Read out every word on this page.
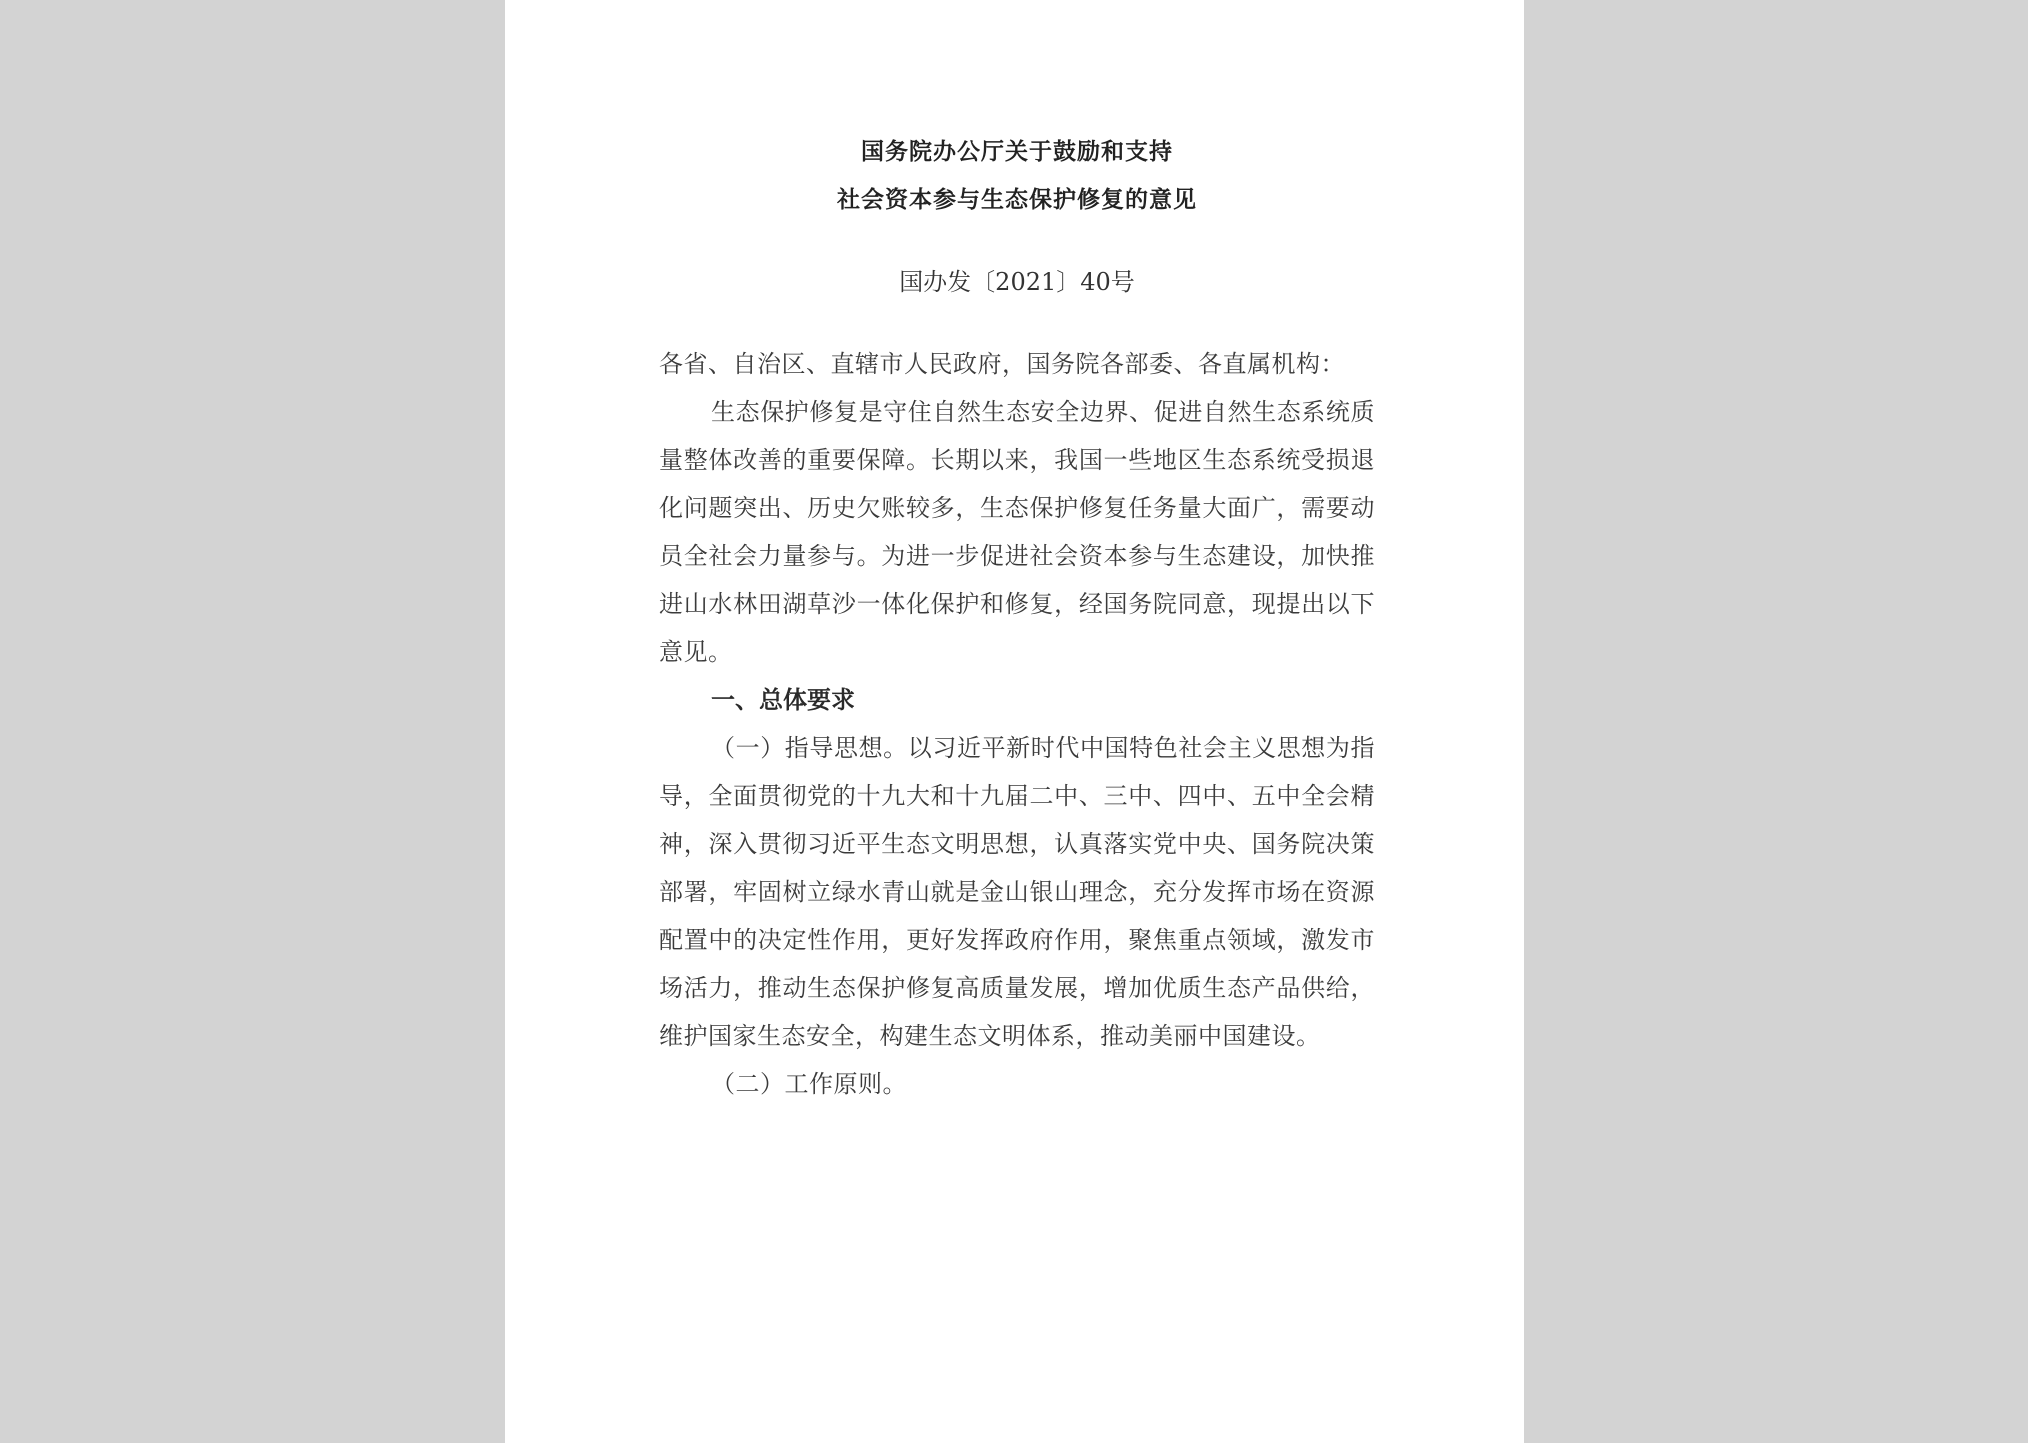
国务院办公厅关于鼓励和支持
社会资本参与生态保护修复的意见
国办发〔2021〕40号

各省、自治区、直辖市人民政府，国务院各部委、各直属机构：

生态保护修复是守住自然生态安全边界、促进自然生态系统质量整体改善的重要保障。长期以来，我国一些地区生态系统受损退化问题突出、历史欠账较多，生态保护修复任务量大面广，需要动员全社会力量参与。为进一步促进社会资本参与生态建设，加快推进山水林田湖草沙一体化保护和修复，经国务院同意，现提出以下意见。

一、总体要求

（一）指导思想。以习近平新时代中国特色社会主义思想为指导，全面贯彻党的十九大和十九届二中、三中、四中、五中全会精神，深入贯彻习近平生态文明思想，认真落实党中央、国务院决策部署，牢固树立绿水青山就是金山银山理念，充分发挥市场在资源配置中的决定性作用，更好发挥政府作用，聚焦重点领域，激发市场活力，推动生态保护修复高质量发展，增加优质生态产品供给，维护国家生态安全，构建生态文明体系，推动美丽中国建设。

（二）工作原则。
